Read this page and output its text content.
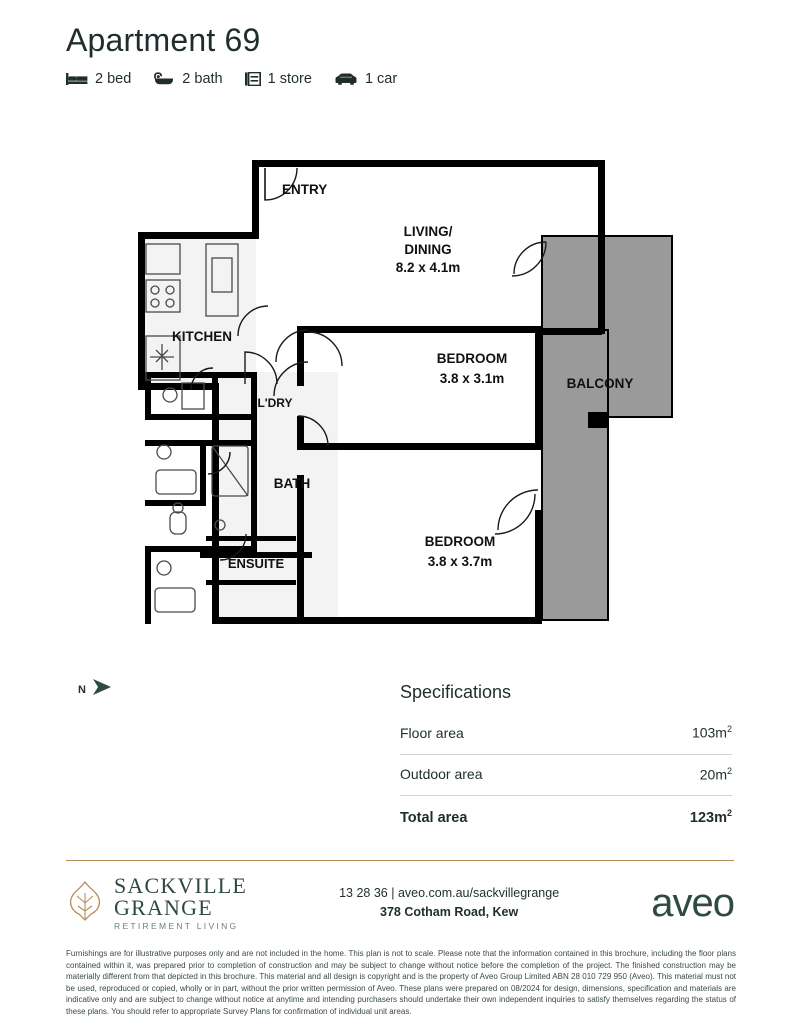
Apartment 69
2 bed	2 bath	1 store	1 car
ENTRY
LIVING/
DINING
8.2 x 4.1m
KITCHEN
L'DRY
BATH
ENSUITE
BEDROOM
3.8 x 3.1m
BEDROOM
3.8 x 3.7m
BALCONY
N	Specifications
Floor area	$103m^2$
Outdoor area	$20m^2$
Total area	$123m^2$
SACKVILLE
GRANGE
RETIREMENT LIVING
13 28 36 | aveo.com.au/sackvillegrange
378 Cotham Road, Kew	aveo
Furnishings are for illustrative purposes only and are not included in the home. This plan is not to scale. Please note that the information contained in this brochure, including the floor plans contained within it, was prepared prior to completion of construction and may be subject to change without notice before the completion of the project. The finished construction may be materially different from that depicted in this brochure. This material and all design is copyright and is the property of Aveo Group Limited ABN 28 010 729 950 (Aveo). This material must not be used, reproduced or copied, wholly or in part, without the prior written permission of Aveo. These plans were prepared on 08/2024 for design, dimensions, specification and materials are indicative only and are subject to change without notice at anytime and intending purchasers should undertake their own independent inquiries to satisfy themselves regarding the status of these plans. You should refer to appropriate Survey Plans for confirmation of individual unit areas.
